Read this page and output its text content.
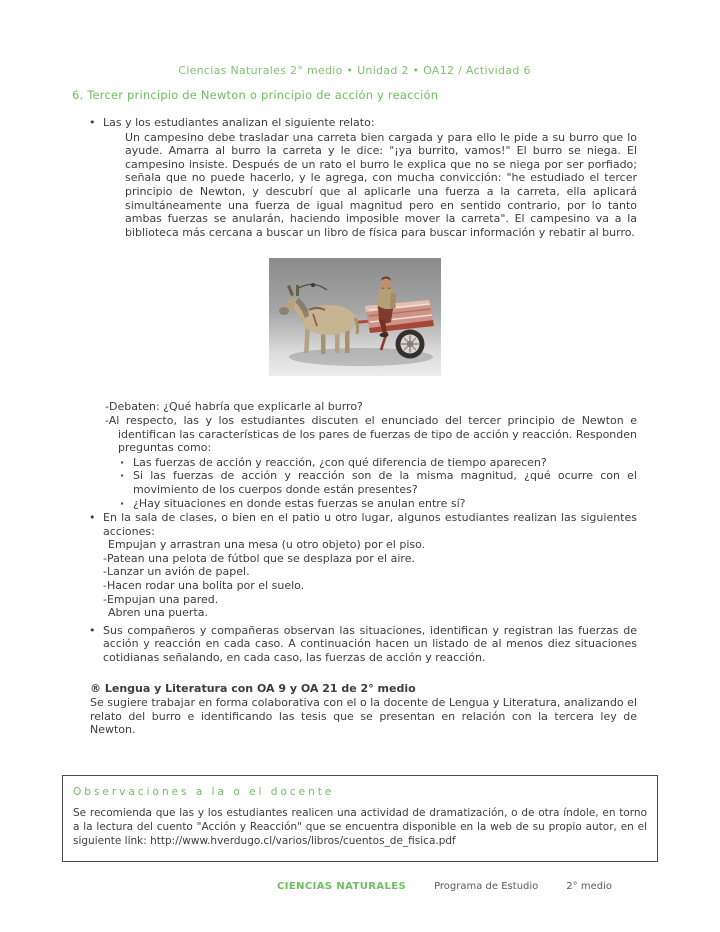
Ciencias Naturales 2° medio • Unidad 2 • OA12 / Actividad 6
6. Tercer principio de Newton o principio de acción y reacción
• Las y los estudiantes analizan el siguiente relato:
Un campesino debe trasladar una carreta bien cargada y para ello le pide a su burro que lo ayude. Amarra al burro la carreta y le dice: "¡ya burrito, vamos!" El burro se niega. El campesino insiste. Después de un rato el burro le explica que no se niega por ser porfiado; señala que no puede hacerlo, y le agrega, con mucha convicción: "he estudiado el tercer principio de Newton, y descubrí que al aplicarle una fuerza a la carreta, ella aplicará simultáneamente una fuerza de igual magnitud pero en sentido contrario, por lo tanto ambas fuerzas se anularán, haciendo imposible mover la carreta". El campesino va a la biblioteca más cercana a buscar un libro de física para buscar información y rebatir al burro.
-Debaten: ¿Qué habría que explicarle al burro?
-Al respecto, las y los estudiantes discuten el enunciado del tercer principio de Newton e identifican las características de los pares de fuerzas de tipo de acción y reacción. Responden preguntas como:
· Las fuerzas de acción y reacción, ¿con qué diferencia de tiempo aparecen?
· Si las fuerzas de acción y reacción son de la misma magnitud, ¿qué ocurre con el movimiento de los cuerpos donde están presentes?
· ¿Hay situaciones en donde estas fuerzas se anulan entre sí?
• En la sala de clases, o bien en el patio u otro lugar, algunos estudiantes realizan las siguientes acciones:
Empujan y arrastran una mesa (u otro objeto) por el piso.
-Patean una pelota de fútbol que se desplaza por el aire.
-Lanzar un avión de papel.
-Hacen rodar una bolita por el suelo.
-Empujan una pared.
Abren una puerta.
• Sus compañeros y compañeras observan las situaciones, identifican y registran las fuerzas de acción y reacción en cada caso. A continuación hacen un listado de al menos diez situaciones cotidianas señalando, en cada caso, las fuerzas de acción y reacción.
® Lengua y Literatura con OA 9 y OA 21 de 2° medio
Se sugiere trabajar en forma colaborativa con el o la docente de Lengua y Literatura, analizando el relato del burro e identificando las tesis que se presentan en relación con la tercera ley de Newton.
Observaciones a la o el docente
Se recomienda que las y los estudiantes realicen una actividad de dramatización, o de otra índole, en torno a la lectura del cuento "Acción y Reacción" que se encuentra disponible en la web de su propio autor, en el siguiente link: http://www.hverdugo.cl/varios/libros/cuentos_de_fisica.pdf
CIENCIAS NATURALES	Programa de Estudio	2° medio
